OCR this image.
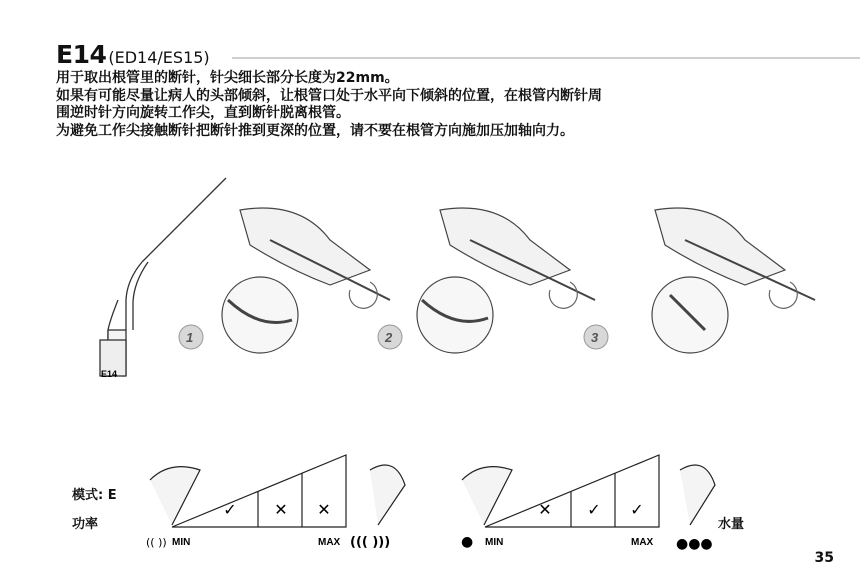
E14 (ED14/ES15)
用于取出根管里的断针，针尖细长部分长度为22mm。
如果有可能尽量让病人的头部倾斜，让根管口处于水平向下倾斜的位置，在根管内断针周
围逆时针方向旋转工作尖，直到断针脱离根管。
为避免工作尖接触断针把断针推到更深的位置，请不要在根管方向施加压加轴向力。
E14
1	2	3
✓ ✕ ✕	✕ ✓ ✓
MIN	MAX	MIN	MAX
(( ))	((( )))	●	●●●
模式: E
功率	水量
35
